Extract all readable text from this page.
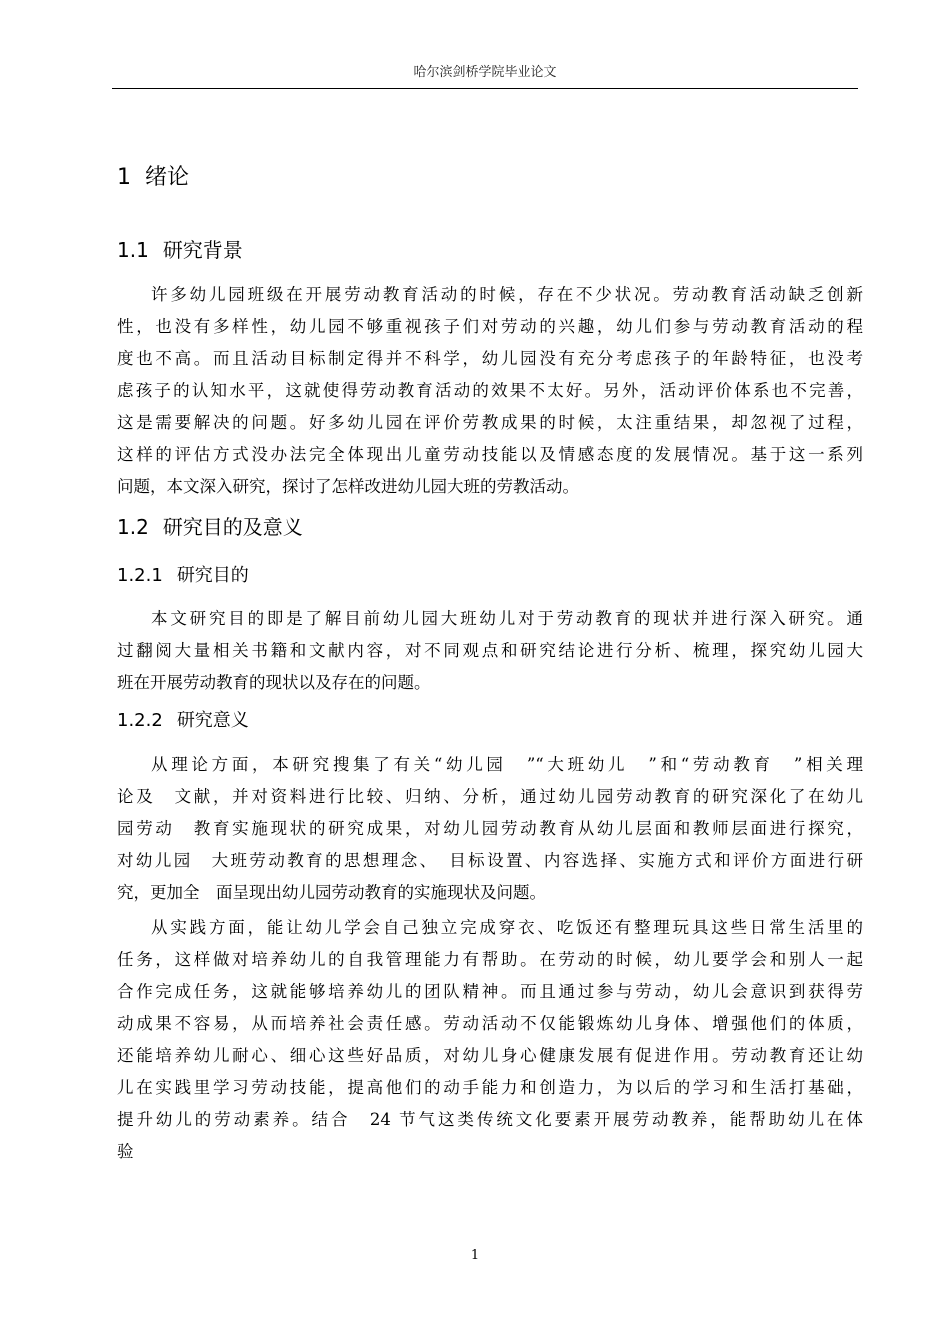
哈尔滨剑桥学院毕业论文
1 绪论
1.1 研究背景
许多幼儿园班级在开展劳动教育活动的时候，存在不少状况。劳动教育活动缺乏创新
性，也没有多样性，幼儿园不够重视孩子们对劳动的兴趣，幼儿们参与劳动教育活动的程
度也不高。而且活动目标制定得并不科学，幼儿园没有充分考虑孩子的年龄特征，也没考
虑孩子的认知水平，这就使得劳动教育活动的效果不太好。另外，活动评价体系也不完善，
这是需要解决的问题。好多幼儿园在评价劳教成果的时候，太注重结果，却忽视了过程，
这样的评估方式没办法完全体现出儿童劳动技能以及情感态度的发展情况。基于这一系列
问题，本文深入研究，探讨了怎样改进幼儿园大班的劳教活动。
1.2 研究目的及意义
1.2.1 研究目的
本文研究目的即是了解目前幼儿园大班幼儿对于劳动教育的现状并进行深入研究。通
过翻阅大量相关书籍和文献内容，对不同观点和研究结论进行分析、梳理，探究幼儿园大
班在开展劳动教育的现状以及存在的问题。
1.2.2 研究意义
从理论方面，本研究搜集了有关“幼儿园　”“大班幼儿　”和“劳动教育　”相关理
论及　文献，并对资料进行比较、归纳、分析，通过幼儿园劳动教育的研究深化了在幼儿
园劳动　教育实施现状的研究成果，对幼儿园劳动教育从幼儿层面和教师层面进行探究，
对幼儿园　大班劳动教育的思想理念、　目标设置、内容选择、实施方式和评价方面进行研
究，更加全　面呈现出幼儿园劳动教育的实施现状及问题。
从实践方面，能让幼儿学会自己独立完成穿衣、吃饭还有整理玩具这些日常生活里的
任务，这样做对培养幼儿的自我管理能力有帮助。在劳动的时候，幼儿要学会和别人一起
合作完成任务，这就能够培养幼儿的团队精神。而且通过参与劳动，幼儿会意识到获得劳
动成果不容易，从而培养社会责任感。劳动活动不仅能锻炼幼儿身体、增强他们的体质，
还能培养幼儿耐心、细心这些好品质，对幼儿身心健康发展有促进作用。劳动教育还让幼
儿在实践里学习劳动技能，提高他们的动手能力和创造力，为以后的学习和生活打基础，
提升幼儿的劳动素养。结合　24 节气这类传统文化要素开展劳动教养，能帮助幼儿在体
验
1
